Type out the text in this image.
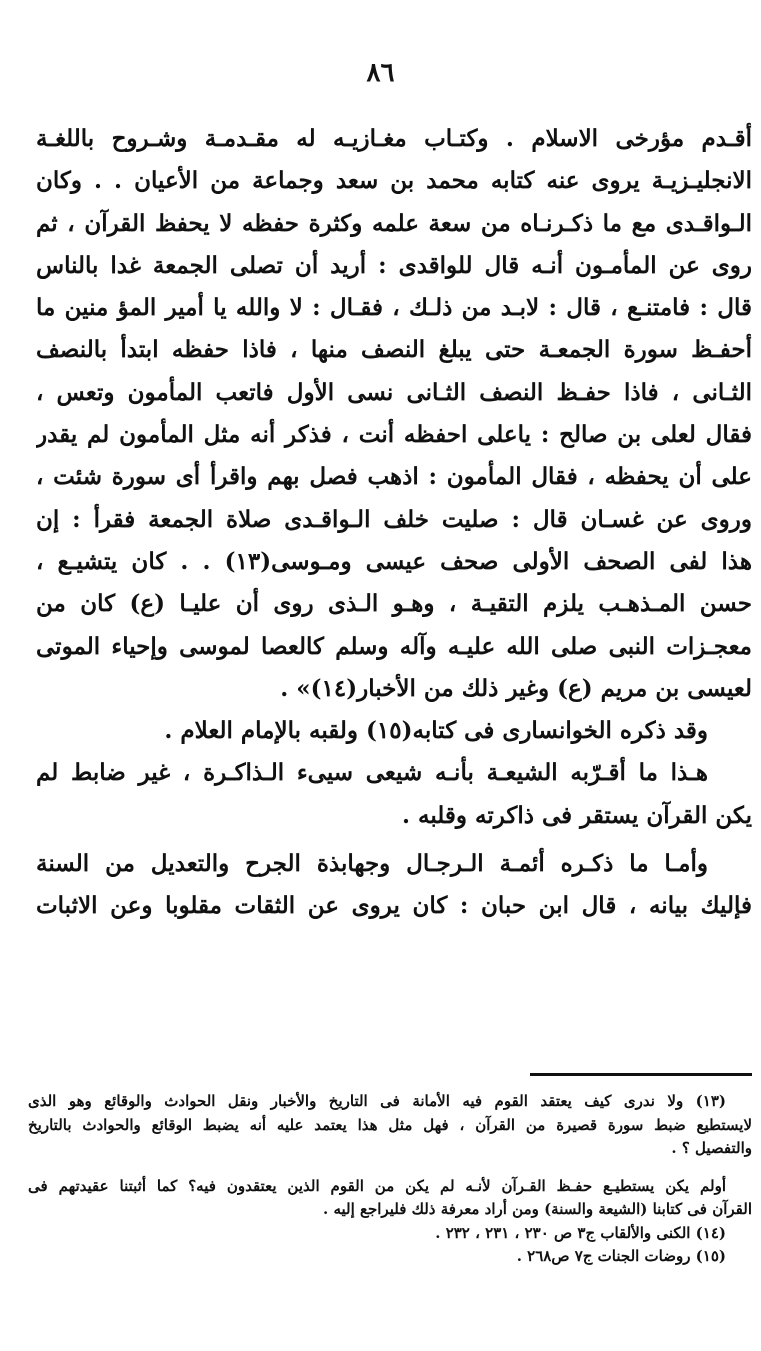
٨٦
أقـدم مؤرخى الاسلام . وكتـاب مغـازيـه له مقـدمـة وشـروح باللغـة
الانجليـزيـة يروى عنه كتابه محمد بن سعد وجماعة من الأعيان . . وكان
الـواقـدى مع ما ذكـرنـاه من سعة علمه وكثرة حفظه لا يحفظ القرآن ، ثم
روى عن المأمـون أنـه قال للواقدى : أريد أن تصلى الجمعة غدا بالناس
قال : فامتنـع ، قال : لابـد من ذلـك ، فقـال : لا والله يا أمير المؤ منين ما
أحفـظ سورة الجمعـة حتى يبلغ النصف منها ، فاذا حفظه ابتدأ بالنصف
الثـانى ، فاذا حفـظ النصف الثـانى نسى الأول فاتعب المأمون وتعس ،
فقال لعلى بن صالح : ياعلى احفظه أنت ، فذكر أنه مثل المأمون لم يقدر
على أن يحفظه ، فقال المأمون : اذهب فصل بهم واقرأ أى سورة شئت ،
وروى عن غسـان قال : صليت خلف الـواقـدى صلاة الجمعة فقرأ : إن
هذا لفى الصحف الأولى صحف عيسى ومـوسى(١٣) . . كان يتشيـع ،
حسن المـذهـب يلزم التقيـة ، وهـو الـذى روى أن عليـا (ع) كان من
معجـزات النبى صلى الله عليـه وآله وسلم كالعصا لموسى وإحياء الموتى
لعيسى بن مريم (ع) وغير ذلك من الأخبار(١٤)» .
وقد ذكره الخوانسارى فى كتابه(١٥) ولقبه بالإمام العلام .
هـذا ما أقـرّبه الشيعـة بأنـه شيعى سيىء الـذاكـرة ، غير ضابط لم
يكن القرآن يستقر فى ذاكرته وقلبه .
وأمـا ما ذكـره أئمـة الـرجـال وجهابذة الجرح والتعديل من السنة
فإليك بيانه ، قال ابن حبان : كان يروى عن الثقات مقلوبا وعن الاثبات
(١٣) ولا ندرى كيف يعتقد القوم فيه الأمانة فى التاريخ والأخبار ونقل الحوادث والوقائع وهو الذى
لايستطيع ضبط سورة قصيرة من القرآن ، فهل مثل هذا يعتمد عليه أنه يضبط الوقائع والحوادث بالتاريخ
والتفصيل ؟ .
أولم يكن يستطيـع حفـظ القـرآن لأنـه لم يكن من القوم الذين يعتقدون فيه؟ كما أثبتنا عقيدتهم فى
القرآن فى كتابنا (الشيعة والسنة) ومن أراد معرفة ذلك فليراجع إليه .
(١٤) الكنى والألقاب ج٣ ص ٢٣٠ ، ٢٣١ ، ٢٣٢ .
(١٥) روضات الجنات ج٧ ص٢٦٨ .
